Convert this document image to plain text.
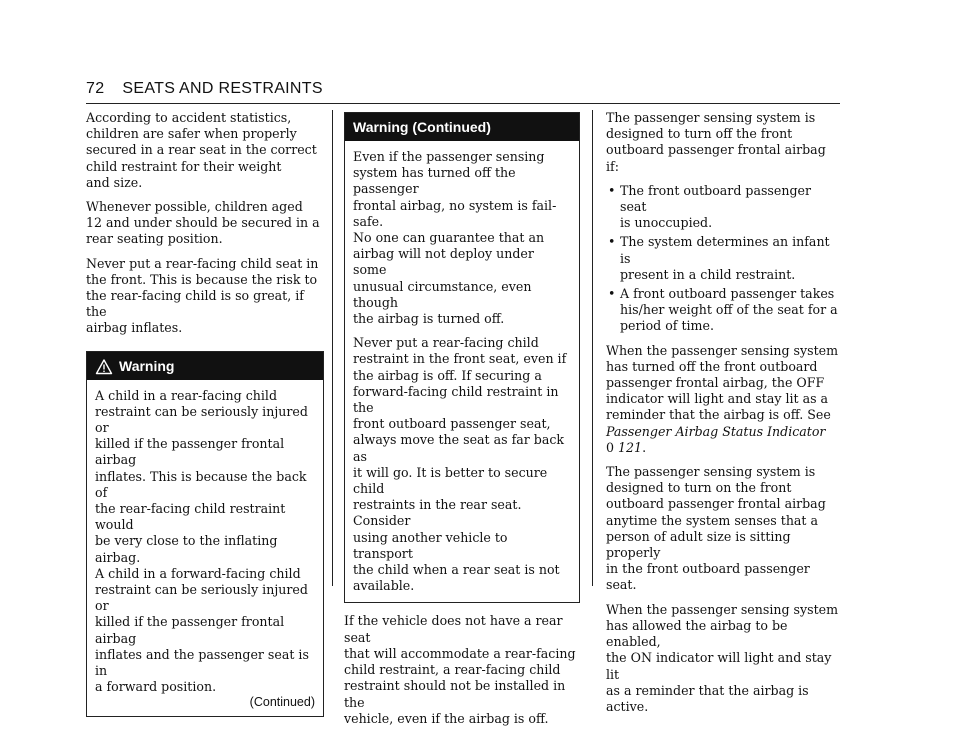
72 SEATS AND RESTRAINTS

According to accident statistics,
children are safer when properly
secured in a rear seat in the correct
child restraint for their weight
and size.

Whenever possible, children aged
12 and under should be secured in a
rear seating position.

Never put a rear-facing child seat in
the front. This is because the risk to
the rear-facing child is so great, if the
airbag inflates.

Warning

A child in a rear-facing child
restraint can be seriously injured or
killed if the passenger frontal airbag
inflates. This is because the back of
the rear-facing child restraint would
be very close to the inflating airbag.
A child in a forward-facing child
restraint can be seriously injured or
killed if the passenger frontal airbag
inflates and the passenger seat is in
a forward position.

(Continued)
Warning (Continued)

Even if the passenger sensing
system has turned off the passenger
frontal airbag, no system is fail-safe.
No one can guarantee that an
airbag will not deploy under some
unusual circumstance, even though
the airbag is turned off.

Never put a rear-facing child
restraint in the front seat, even if
the airbag is off. If securing a
forward-facing child restraint in the
front outboard passenger seat,
always move the seat as far back as
it will go. It is better to secure child
restraints in the rear seat. Consider
using another vehicle to transport
the child when a rear seat is not
available.

If the vehicle does not have a rear seat
that will accommodate a rear-facing
child restraint, a rear-facing child
restraint should not be installed in the
vehicle, even if the airbag is off.

The passenger sensing system is
designed to turn off the front
outboard passenger frontal airbag if:

• The front outboard passenger seat
is unoccupied.
• The system determines an infant is
present in a child restraint.
• A front outboard passenger takes
his/her weight off of the seat for a
period of time.

When the passenger sensing system
has turned off the front outboard
passenger frontal airbag, the OFF
indicator will light and stay lit as a
reminder that the airbag is off. See
Passenger Airbag Status Indicator
0 121.

The passenger sensing system is
designed to turn on the front
outboard passenger frontal airbag
anytime the system senses that a
person of adult size is sitting properly
in the front outboard passenger seat.

When the passenger sensing system
has allowed the airbag to be enabled,
the ON indicator will light and stay lit
as a reminder that the airbag is active.
